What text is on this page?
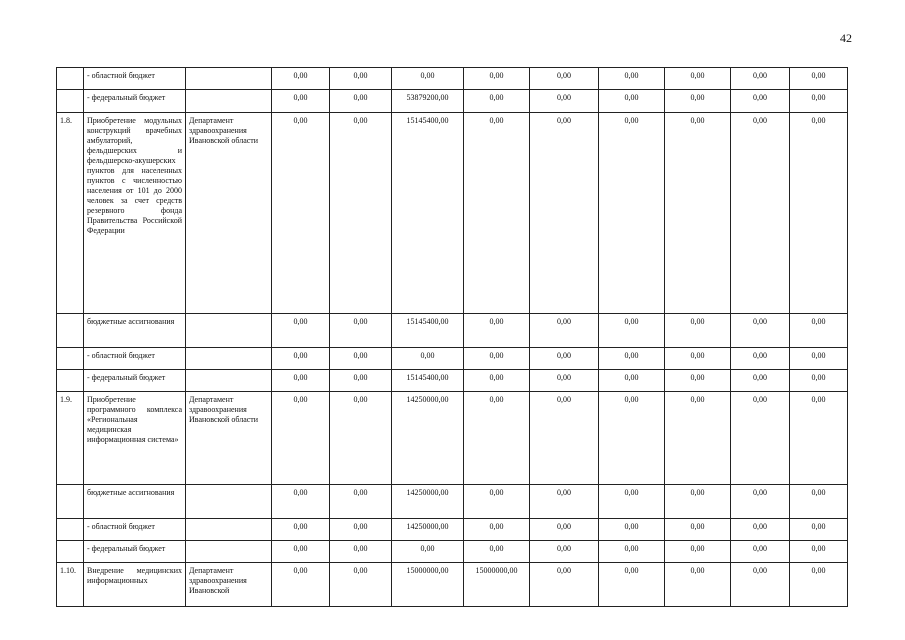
42
	- областной бюджет		0,00	0,00	0,00	0,00	0,00	0,00	0,00	0,00	0,00
	- федеральный бюджет		0,00	0,00	53879200,00	0,00	0,00	0,00	0,00	0,00	0,00
1.8.	Приобретение модульных конструкций врачебных амбулаторий, фельдшерских и фельдшерско-акушерских пунктов для населенных пунктов с численностью населения от 101 до 2000 человек за счет средств резервного фонда Правительства Российской Федерации	Департамент здравоохранения Ивановской области	0,00	0,00	15145400,00	0,00	0,00	0,00	0,00	0,00	0,00
	бюджетные ассигнования		0,00	0,00	15145400,00	0,00	0,00	0,00	0,00	0,00	0,00
	- областной бюджет		0,00	0,00	0,00	0,00	0,00	0,00	0,00	0,00	0,00
	- федеральный бюджет		0,00	0,00	15145400,00	0,00	0,00	0,00	0,00	0,00	0,00
1.9.	Приобретение программного комплекса «Региональная медицинская информационная система»	Департамент здравоохранения Ивановской области	0,00	0,00	14250000,00	0,00	0,00	0,00	0,00	0,00	0,00
	бюджетные ассигнования		0,00	0,00	14250000,00	0,00	0,00	0,00	0,00	0,00	0,00
	- областной бюджет		0,00	0,00	14250000,00	0,00	0,00	0,00	0,00	0,00	0,00
	- федеральный бюджет		0,00	0,00	0,00	0,00	0,00	0,00	0,00	0,00	0,00
1.10.	Внедрение медицинских информационных	Департамент здравоохранения Ивановской	0,00	0,00	15000000,00	15000000,00	0,00	0,00	0,00	0,00	0,00
